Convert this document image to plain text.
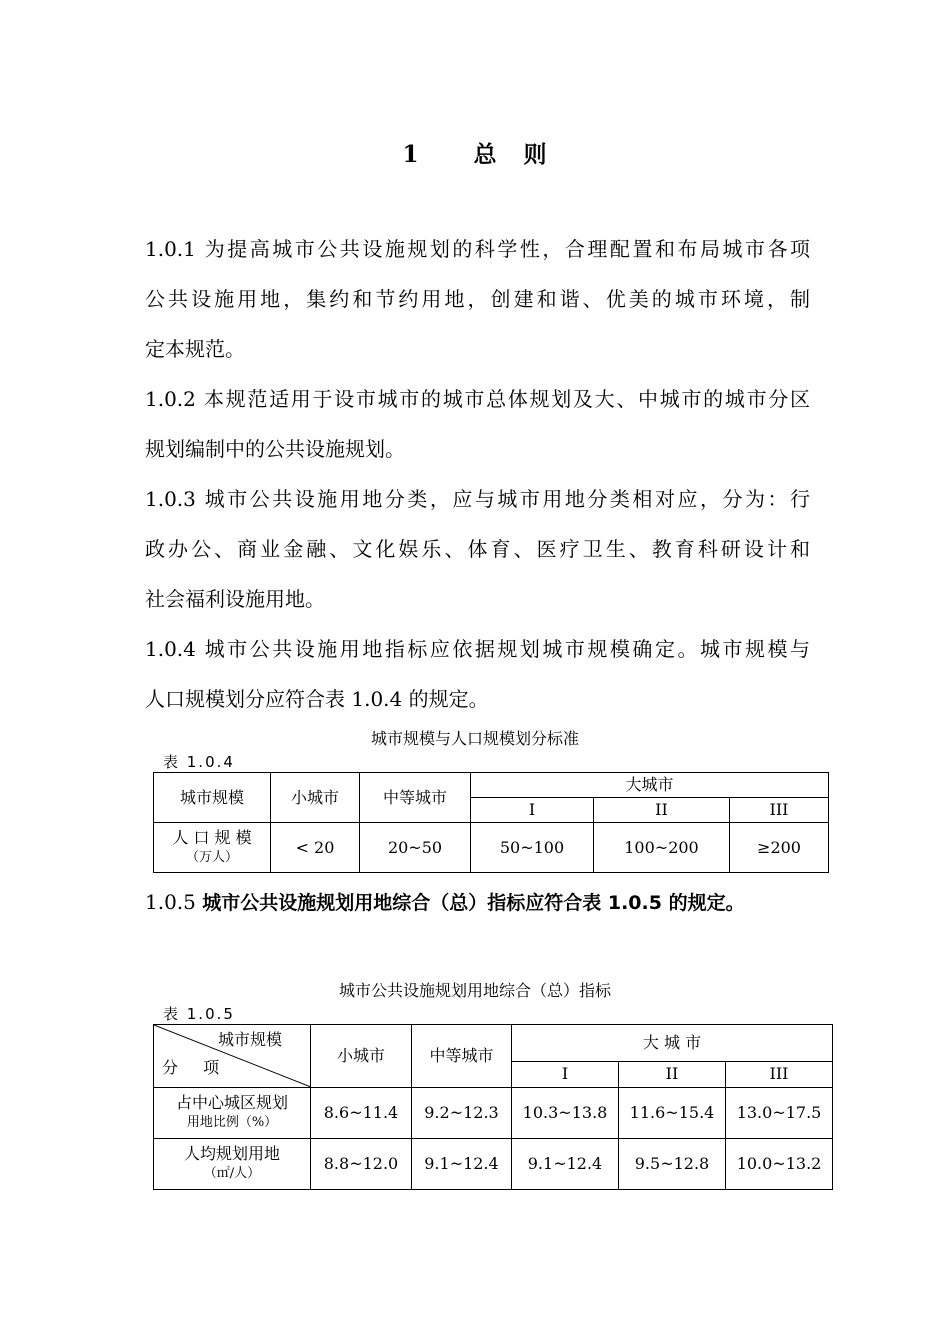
1 总 则
1.0.1 为提高城市公共设施规划的科学性，合理配置和布局城市各项
公共设施用地，集约和节约用地，创建和谐、优美的城市环境，制
定本规范。
1.0.2 本规范适用于设市城市的城市总体规划及大、中城市的城市分区
规划编制中的公共设施规划。
1.0.3 城市公共设施用地分类，应与城市用地分类相对应，分为：行
政办公、商业金融、文化娱乐、体育、医疗卫生、教育科研设计和
社会福利设施用地。
1.0.4 城市公共设施用地指标应依据规划城市规模确定。城市规模与
人口规模划分应符合表 1.0.4 的规定。
城市规模与人口规模划分标准
表 1.0.4
城市规模	小城市	中等城市	大城市		
			I	II	III

人 口 规 模
（万人）	< 20	20~50	50~100	100~200	≥200
1.0.5 城市公共设施规划用地综合（总）指标应符合表 1.0.5 的规定。
城市公共设施规划用地综合（总）指标
表 1.0.5
城市规模
分 项	小城市	中等城市	大 城 市		
			I	II	III

占中心城区规划
用地比例（%）	8.6~11.4	9.2~12.3	10.3~13.8	11.6~15.4	13.0~17.5

人均规划用地
（㎡/人）	8.8~12.0	9.1~12.4	9.1~12.4	9.5~12.8	10.0~13.2
